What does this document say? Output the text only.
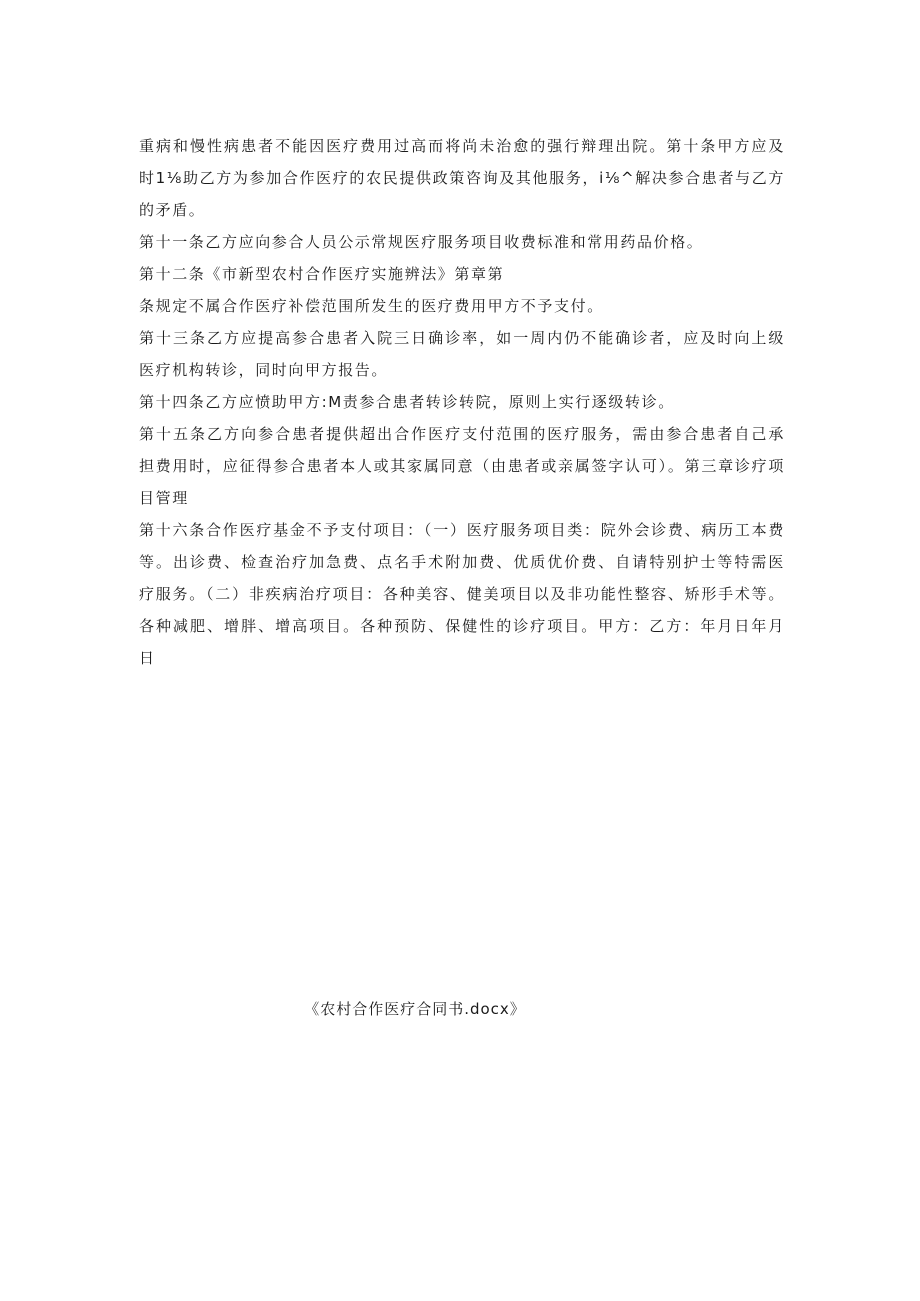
重病和慢性病患者不能因医疗费用过高而将尚未治愈的强行辩理出院。第十条甲方应及时1⅛助乙方为参加合作医疗的农民提供政策咨询及其他服务，i⅛^解决参合患者与乙方的矛盾。

第十一条乙方应向参合人员公示常规医疗服务项目收费标准和常用药品价格。

第十二条《市新型农村合作医疗实施辨法》第章第

条规定不属合作医疗补偿范围所发生的医疗费用甲方不予支付。

第十三条乙方应提高参合患者入院三日确诊率，如一周内仍不能确诊者，应及时向上级医疗机构转诊，同时向甲方报告。

第十四条乙方应愤助甲方:M责参合患者转诊转院，原则上实行逐级转诊。

第十五条乙方向参合患者提供超出合作医疗支付范围的医疗服务，需由参合患者自己承担费用时，应征得参合患者本人或其家属同意（由患者或亲属签字认可）。第三章诊疗项目管理

第十六条合作医疗基金不予支付项目：（一）医疗服务项目类：院外会诊费、病历工本费等。出诊费、检查治疗加急费、点名手术附加费、优质优价费、自请特别护士等特需医疗服务。（二）非疾病治疗项目：各种美容、健美项目以及非功能性整容、矫形手术等。各种减肥、增胖、增高项目。各种预防、保健性的诊疗项目。甲方：乙方：年月日年月日

《农村合作医疗合同书.docx》
